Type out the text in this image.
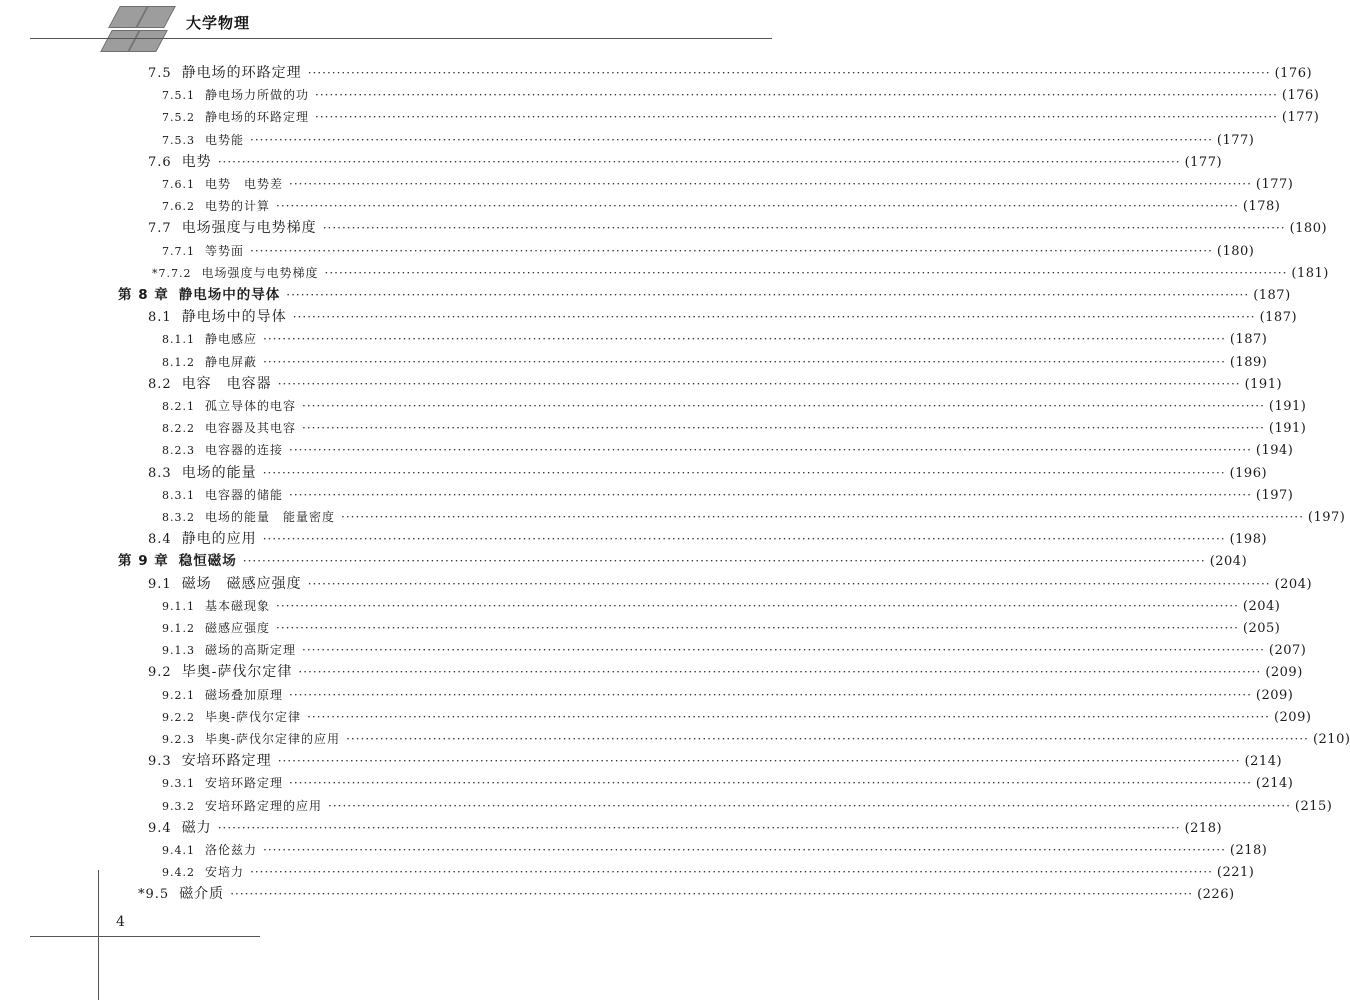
大学物理
7.5 静电场的环路定理 ········································································································································································································ (176)
7.5.1 静电场力所做的功 ········································································································································································································ (176)
7.5.2 静电场的环路定理 ········································································································································································································ (177)
7.5.3 电势能 ········································································································································································································ (177)
7.6 电势 ········································································································································································································ (177)
7.6.1 电势　电势差 ········································································································································································································ (177)
7.6.2 电势的计算 ········································································································································································································ (178)
7.7 电场强度与电势梯度 ········································································································································································································ (180)
7.7.1 等势面 ········································································································································································································ (180)
*7.7.2 电场强度与电势梯度 ········································································································································································································ (181)
第 8 章 静电场中的导体 ········································································································································································································ (187)
8.1 静电场中的导体 ········································································································································································································ (187)
8.1.1 静电感应 ········································································································································································································ (187)
8.1.2 静电屏蔽 ········································································································································································································ (189)
8.2 电容　电容器 ········································································································································································································ (191)
8.2.1 孤立导体的电容 ········································································································································································································ (191)
8.2.2 电容器及其电容 ········································································································································································································ (191)
8.2.3 电容器的连接 ········································································································································································································ (194)
8.3 电场的能量 ········································································································································································································ (196)
8.3.1 电容器的储能 ········································································································································································································ (197)
8.3.2 电场的能量　能量密度 ········································································································································································································ (197)
8.4 静电的应用 ········································································································································································································ (198)
第 9 章 稳恒磁场 ········································································································································································································ (204)
9.1 磁场　磁感应强度 ········································································································································································································ (204)
9.1.1 基本磁现象 ········································································································································································································ (204)
9.1.2 磁感应强度 ········································································································································································································ (205)
9.1.3 磁场的高斯定理 ········································································································································································································ (207)
9.2 毕奥-萨伐尔定律 ········································································································································································································ (209)
9.2.1 磁场叠加原理 ········································································································································································································ (209)
9.2.2 毕奥-萨伐尔定律 ········································································································································································································ (209)
9.2.3 毕奥-萨伐尔定律的应用 ········································································································································································································ (210)
9.3 安培环路定理 ········································································································································································································ (214)
9.3.1 安培环路定理 ········································································································································································································ (214)
9.3.2 安培环路定理的应用 ········································································································································································································ (215)
9.4 磁力 ········································································································································································································ (218)
9.4.1 洛伦兹力 ········································································································································································································ (218)
9.4.2 安培力 ········································································································································································································ (221)
*9.5 磁介质 ········································································································································································································ (226)
4
